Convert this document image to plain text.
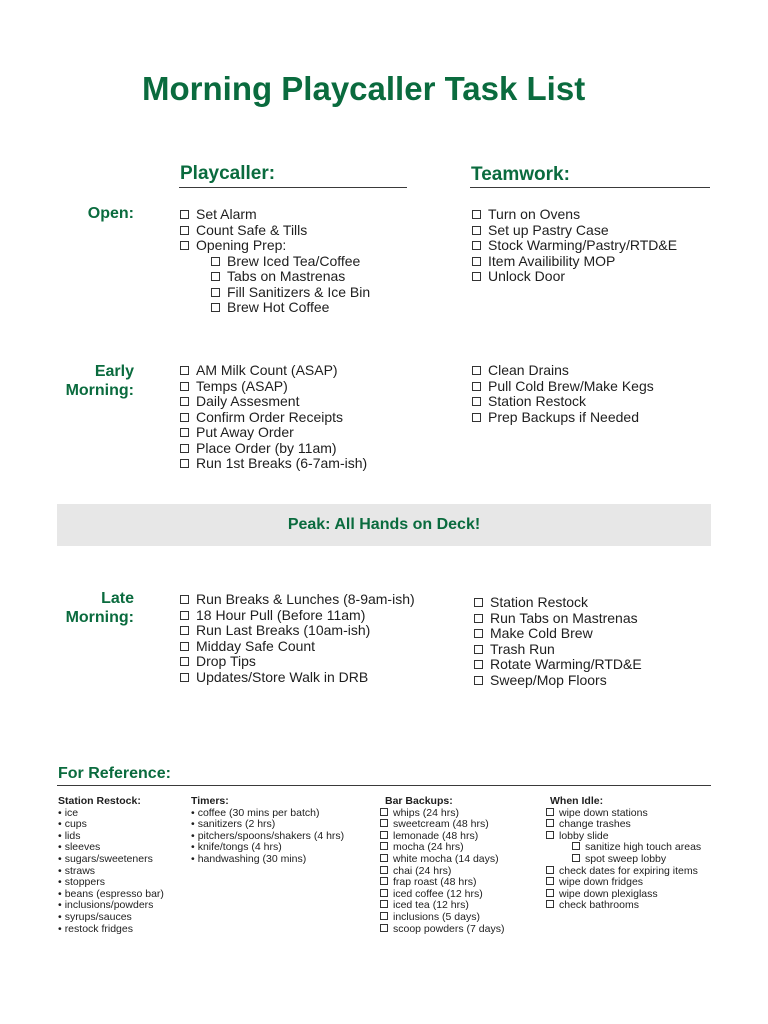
Morning Playcaller Task List
Playcaller:	Teamwork:
Open:	Set Alarm
Count Safe & Tills
Opening Prep:
Brew Iced Tea/Coffee
Tabs on Mastrenas
Fill Sanitizers & Ice Bin
Brew Hot Coffee
Turn on Ovens
Set up Pastry Case
Stock Warming/Pastry/RTD&E
Item Availibility MOP
Unlock Door
Early
Morning:
AM Milk Count (ASAP)
Temps (ASAP)
Daily Assesment
Confirm Order Receipts
Put Away Order
Place Order (by 11am)
Run 1st Breaks (6-7am-ish)
Clean Drains
Pull Cold Brew/Make Kegs
Station Restock
Prep Backups if Needed
Peak: All Hands on Deck!
Late
Morning:
Run Breaks & Lunches (8-9am-ish)
18 Hour Pull (Before 11am)
Run Last Breaks (10am-ish)
Midday Safe Count
Drop Tips
Updates/Store Walk in DRB
Station Restock
Run Tabs on Mastrenas
Make Cold Brew
Trash Run
Rotate Warming/RTD&E
Sweep/Mop Floors
For Reference:
Station Restock:
• ice
• cups
• lids
• sleeves
• sugars/sweeteners
• straws
• stoppers
• beans (espresso bar)
• inclusions/powders
• syrups/sauces
• restock fridges
Timers:
• coffee (30 mins per batch)
• sanitizers (2 hrs)
• pitchers/spoons/shakers (4 hrs)
• knife/tongs (4 hrs)
• handwashing (30 mins)
Bar Backups:
whips (24 hrs)
sweetcream (48 hrs)
lemonade (48 hrs)
mocha (24 hrs)
white mocha (14 days)
chai (24 hrs)
frap roast (48 hrs)
iced coffee (12 hrs)
iced tea (12 hrs)
inclusions (5 days)
scoop powders (7 days)
When Idle:
wipe down stations
change trashes
lobby slide
sanitize high touch areas
spot sweep lobby
check dates for expiring items
wipe down fridges
wipe down plexiglass
check bathrooms
